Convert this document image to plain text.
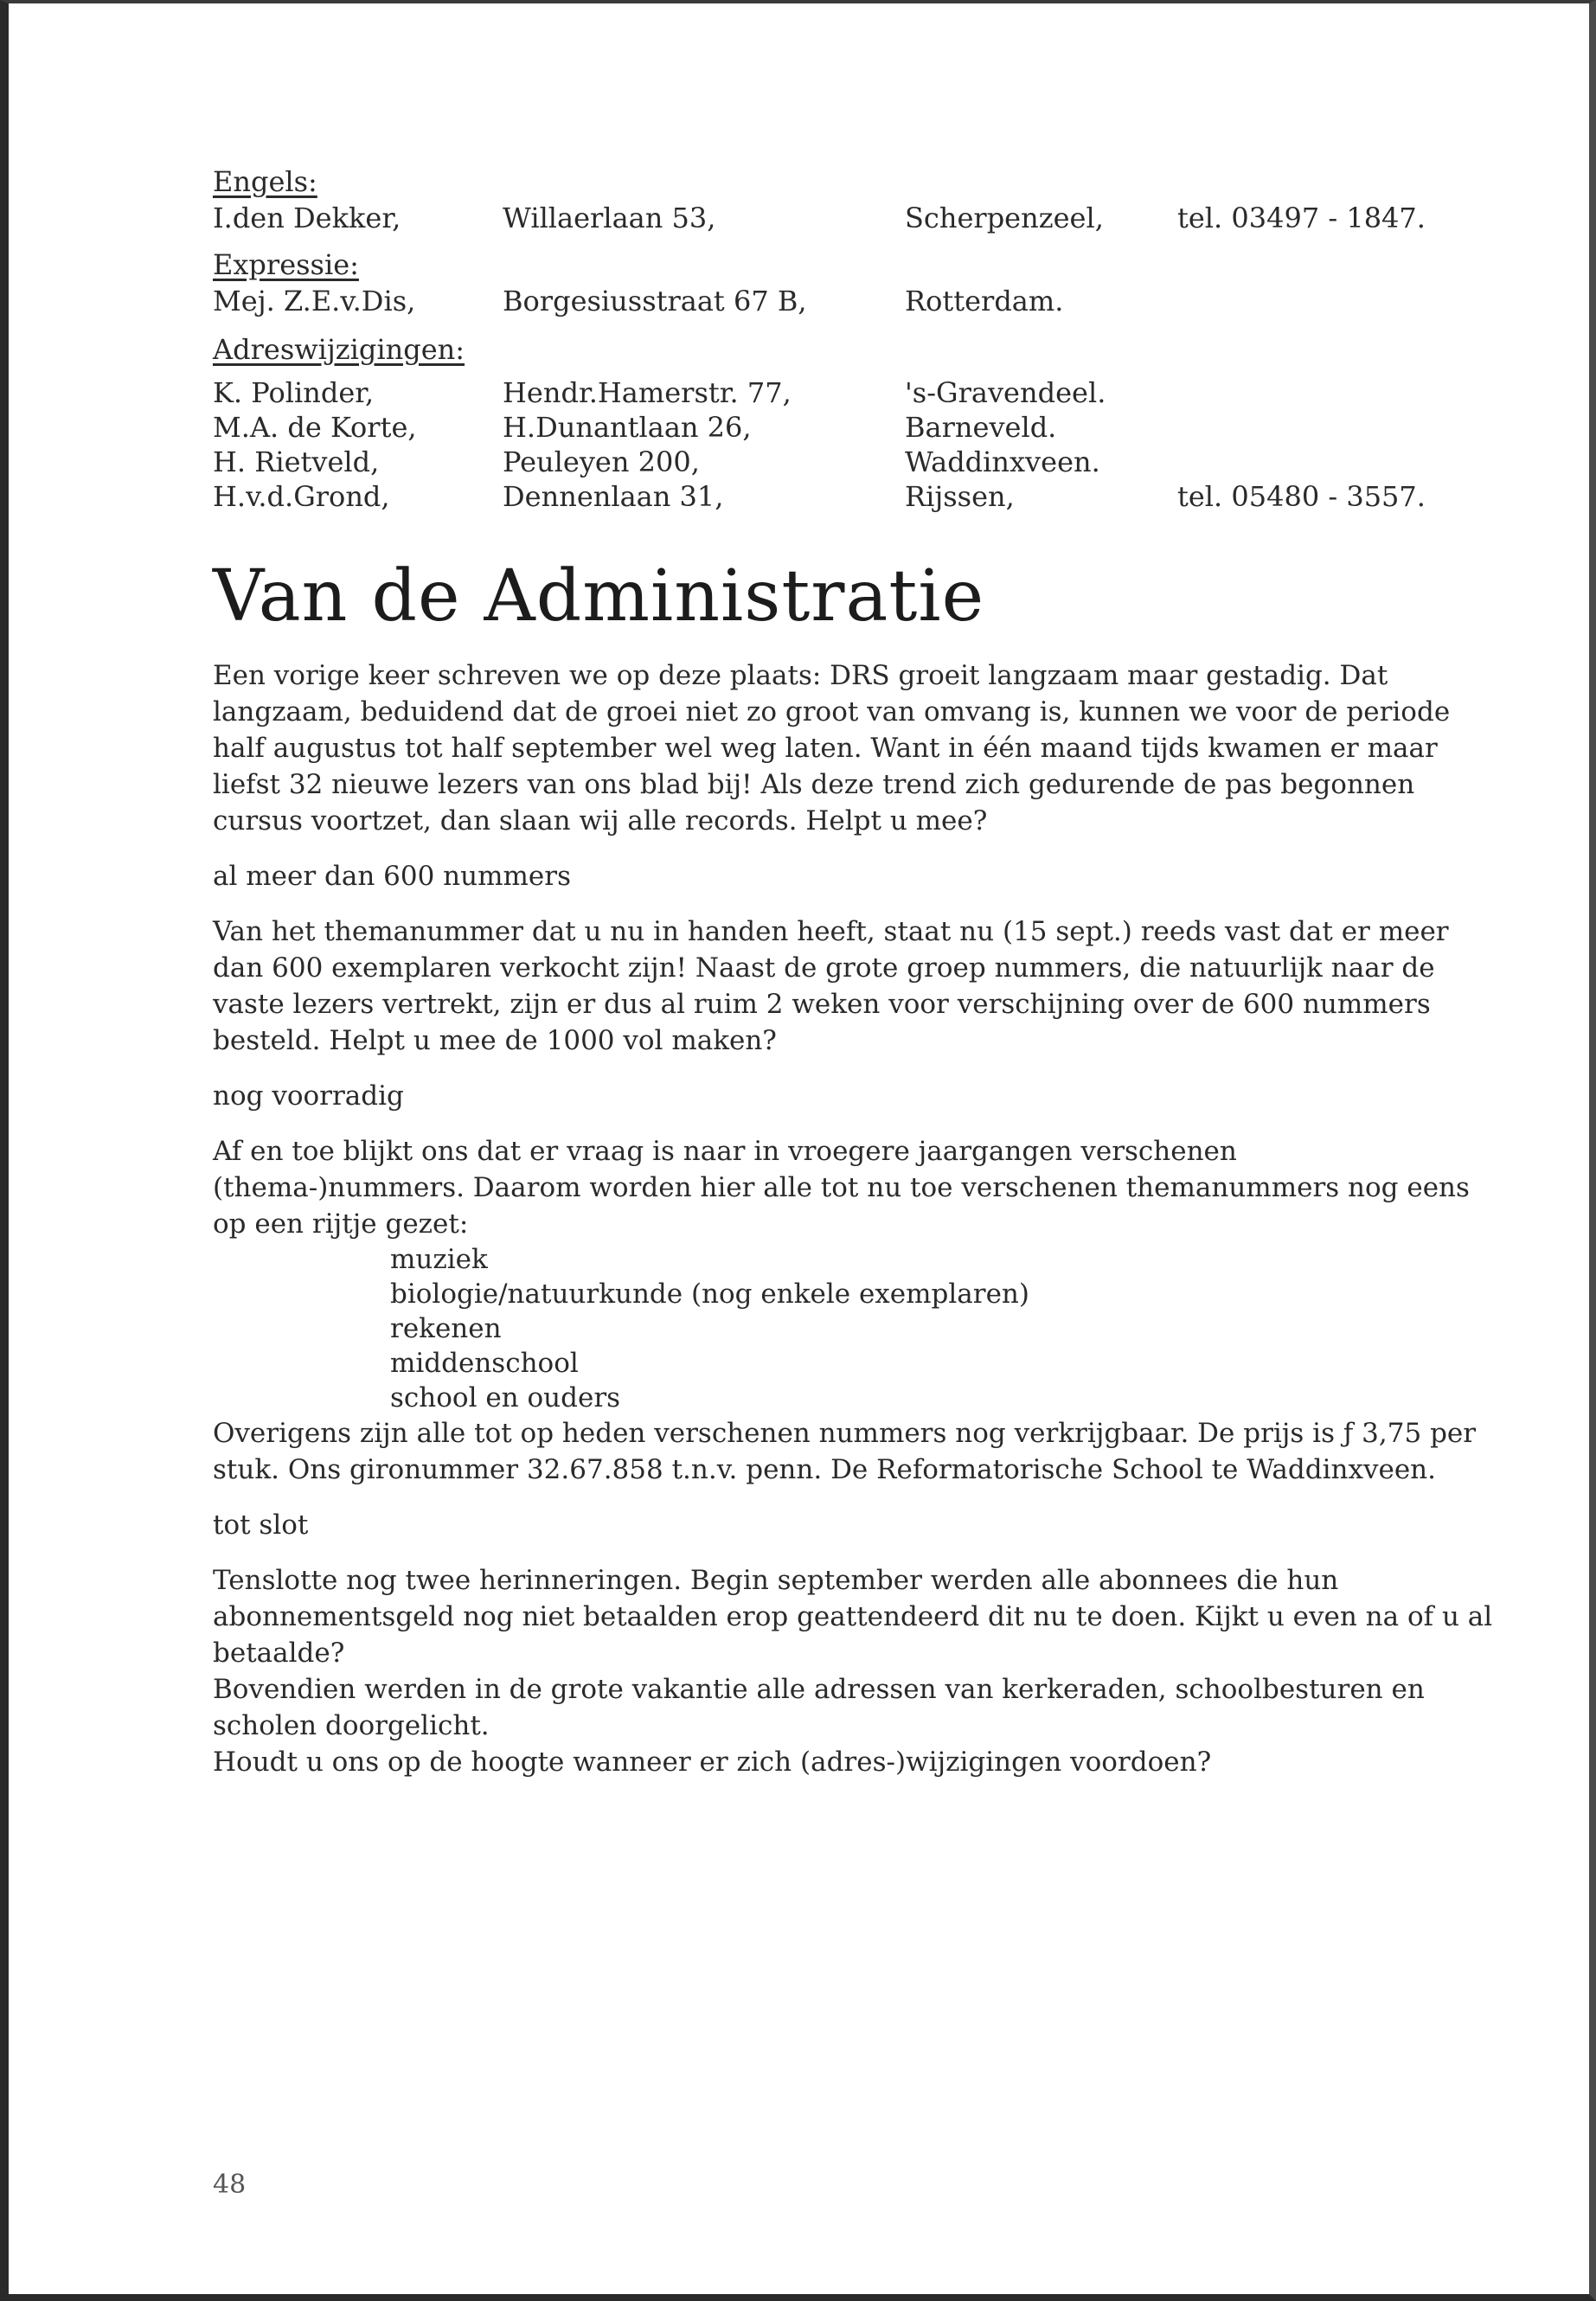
Engels:
I.den Dekker,	Willaerlaan 53,	Scherpenzeel,	tel. 03497 - 1847.
Expressie:
Mej. Z.E.v.Dis,	Borgesiusstraat 67 B,	Rotterdam.
Adreswijzigingen:
K. Polinder,	Hendr.Hamerstr. 77,	's-Gravendeel.
M.A. de Korte,	H.Dunantlaan 26,	Barneveld.
H. Rietveld,	Peuleyen 200,	Waddinxveen.
H.v.d.Grond,	Dennenlaan 31,	Rijssen,	tel. 05480 - 3557.
Van de Administratie

Een vorige keer schreven we op deze plaats: DRS groeit langzaam maar gestadig. Dat langzaam, beduidend dat de groei niet zo groot van omvang is, kunnen we voor de periode half augustus tot half september wel weg laten. Want in één maand tijds kwamen er maar liefst 32 nieuwe lezers van ons blad bij! Als deze trend zich gedurende de pas begonnen cursus voortzet, dan slaan wij alle records. Helpt u mee?

al meer dan 600 nummers

Van het themanummer dat u nu in handen heeft, staat nu (15 sept.) reeds vast dat er meer dan 600 exemplaren verkocht zijn! Naast de grote groep nummers, die natuurlijk naar de vaste lezers vertrekt, zijn er dus al ruim 2 weken voor verschijning over de 600 nummers besteld. Helpt u mee de 1000 vol maken?

nog voorradig

Af en toe blijkt ons dat er vraag is naar in vroegere jaargangen verschenen (thema-)nummers. Daarom worden hier alle tot nu toe verschenen themanummers nog eens op een rijtje gezet:

muziek

biologie/natuurkunde (nog enkele exemplaren)

rekenen

middenschool

school en ouders

Overigens zijn alle tot op heden verschenen nummers nog verkrijgbaar. De prijs is ƒ 3,75 per stuk. Ons gironummer 32.67.858 t.n.v. penn. De Reformatorische School te Waddinxveen.

tot slot

Tenslotte nog twee herinneringen. Begin september werden alle abonnees die hun abonnementsgeld nog niet betaalden erop geattendeerd dit nu te doen. Kijkt u even na of u al betaalde?

Bovendien werden in de grote vakantie alle adressen van kerkeraden, schoolbesturen en scholen doorgelicht.

Houdt u ons op de hoogte wanneer er zich (adres-)wijzigingen voordoen?

48
